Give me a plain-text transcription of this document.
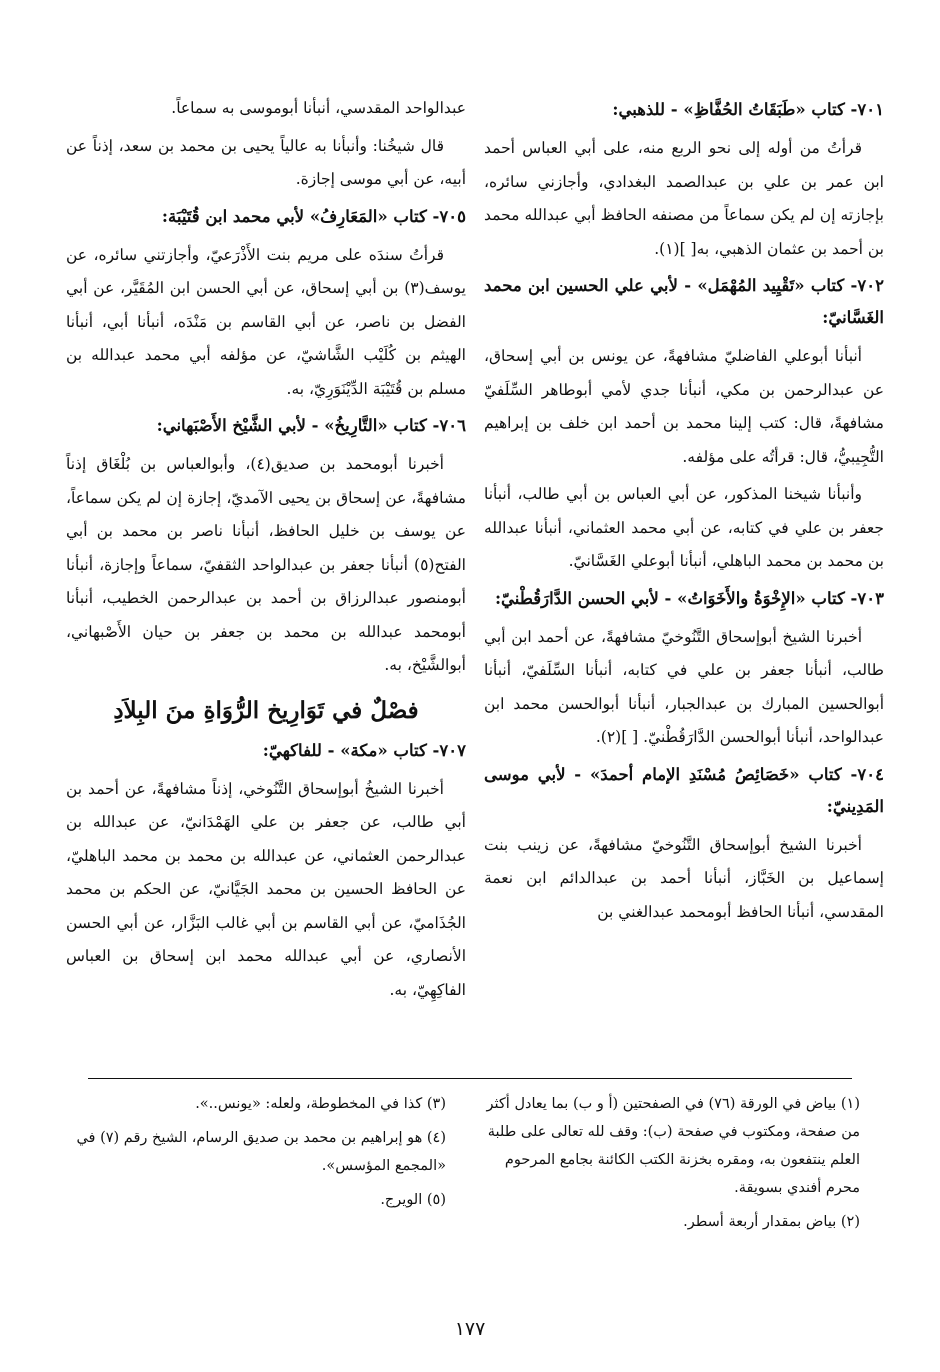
٧٠١- كتاب «طَبَقَاتُ الحُفَّاظِ» - للذهبي:

قرأتُ من أوله إلى نحو الربع منه، على أبي العباس أحمد ابن عمر بن علي بن عبدالصمد البغدادي، وأجازني سائره، بإجازته إن لم يكن سماعاً من مصنفه الحافظ أبي عبدالله محمد بن أحمد بن عثمان الذهبي، به[ ](١).

٧٠٢- كتاب «تَقْيِيد المُهْمَل» - لأبي علي الحسين ابن محمد الغَسَّانيّ:

أنبأنا أبوعلي الفاضليّ مشافهةً، عن يونس بن أبي إسحاق، عن عبدالرحمن بن مكي، أنبأنا جدي لأمي أبوطاهر السِّلَفيّ مشافهةً، قال: كتب إلينا محمد بن أحمد ابن خلف بن إبراهيم التُّجِيبيُّ، قال: قرأتُه على مؤلفه.

وأنبأنا شيخنا المذكور، عن أبي العباس بن أبي طالب، أنبأنا جعفر بن علي في كتابه، عن أبي محمد العثماني، أنبأنا عبدالله بن محمد بن محمد الباهلي، أنبأنا أبوعلي الغَسَّانيّ.

٧٠٣- كتاب «الإِخْوَةُ والأَخَوَاتُ» - لأبي الحسن الدَّارَقُطْنيّ:

أخبرنا الشيخ أبوإسحاق التَّنُوخيّ مشافهةً، عن أحمد ابن أبي طالب، أنبأنا جعفر بن علي في كتابه، أنبأنا السِّلَفيّ، أنبأنا أبوالحسين المبارك بن عبدالجبار، أنبأنا أبوالحسن محمد ابن عبدالواحد، أنبأنا أبوالحسن الدَّارَقُطْنيّ. [ ](٢).

٧٠٤- كتاب «خَصَائِصُ مُسْنَدِ الإمام أحمدَ» - لأبي موسى المَدِينيّ:

أخبرنا الشيخ أبوإسحاق التَّنُوخيّ مشافهةً، عن زينب بنت إسماعيل بن الخَبَّاز، أنبأنا أحمد بن عبدالدائم ابن نعمة المقدسي، أنبأنا الحافظ أبومحمد عبدالغني بن

عبدالواحد المقدسي، أنبأنا أبوموسى به سماعاً.

قال شيخُنا: وأنبأنا به عالياً يحيى بن محمد بن سعد، إذناً عن أبيه، عن أبي موسى إجازة.

٧٠٥- كتاب «المَعَارِفُ» لأبي محمد ابن قُتَيْبَة:

قرأتُ سندَه على مريم بنت الأَذْرَعيّ، وأجازتني سائره، عن يوسف(٣) بن أبي إسحاق، عن أبي الحسن ابن المُقَيَّر، عن أبي الفضل بن ناصر، عن أبي القاسم بن مَنْدَه، أنبأنا أبي، أنبأنا الهيثم بن كُلَيْب الشَّاشيّ، عن مؤلفه أبي محمد عبدالله بن مسلم بن قُتَيْبَة الدِّيْنَوَرِيّ، به.

٧٠٦- كتاب «التَّارِيخُ» - لأبي الشَّيْخ الأَصْبَهاني:

أخبرنا أبومحمد بن صديق(٤)، وأبوالعباس بن بُلْغَاق إذناً مشافهةً، عن إسحاق بن يحيى الآمديّ، إجازة إن لم يكن سماعاً، عن يوسف بن خليل الحافظ، أنبأنا ناصر بن محمد بن أبي الفتح(٥) أنبأنا جعفر بن عبدالواحد الثقفيّ، سماعاً وإجازة، أنبأنا أبومنصور عبدالرزاق بن أحمد بن عبدالرحمن الخطيب، أنبأنا أبومحمد عبدالله بن محمد بن جعفر بن حيان الأَصْبهاني، أبوالشَّيْخ، به.

فصْلٌ في تَوَارِيخ الرُّوَاةِ منَ البِلاَدِ
٧٠٧- كتاب «مكة» - للفاكهيّ:

أخبرنا الشيخُ أبوإسحاق التَّنُوخي، إذناً مشافهةً، عن أحمد بن أبي طالب، عن جعفر بن علي الهَمْدَانيّ، عن عبدالله بن عبدالرحمن العثماني، عن عبدالله بن محمد بن محمد الباهليّ، عن الحافظ الحسين بن محمد الجَيَّانيّ، عن الحكم بن محمد الجُذَاميّ، عن أبي القاسم بن أبي غالب البَزَّار، عن أبي الحسن الأنصاري، عن أبي عبدالله محمد ابن إسحاق بن العباس الفاكِهِيّ، به.

(١) بياض في الورقة (٧٦) في الصفحتين (أ و ب) بما يعادل أكثر من صفحة، ومكتوب في صفحة (ب): وقف لله تعالى على طلبة العلم ينتفعون به، ومقره بخزنة الكتب الكائنة بجامع المرحوم محرم أفندي بسويقة.

(٢) بياض بمقدار أربعة أسطر.

(٣) كذا في المخطوطة، ولعله: «يونس..».

(٤) هو إبراهيم بن محمد بن صديق الرسام، الشيخ رقم (٧) في «المجمع المؤسس».

(٥) الويرج.

١٧٧
